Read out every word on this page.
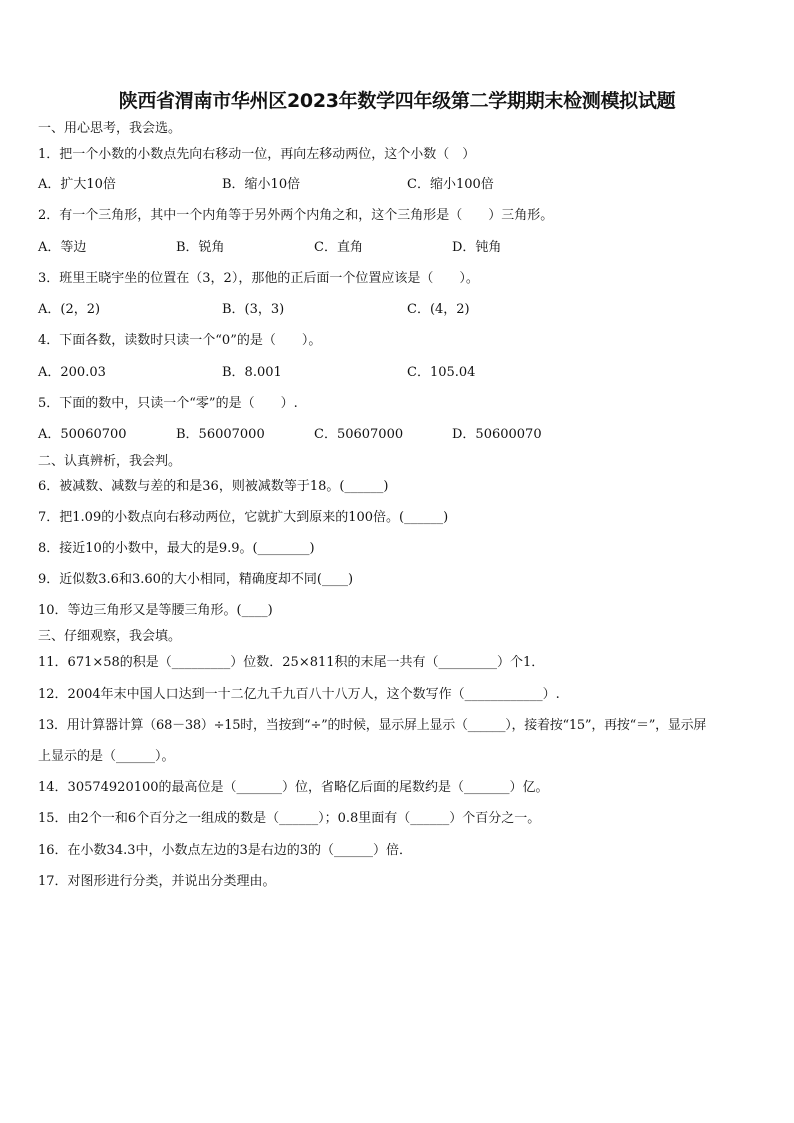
陕西省渭南市华州区2023年数学四年级第二学期期末检测模拟试题
一、用心思考，我会选。
1．把一个小数的小数点先向右移动一位，再向左移动两位，这个小数（　）
A．扩大10倍	B．缩小10倍	C．缩小100倍
2．有一个三角形，其中一个内角等于另外两个内角之和，这个三角形是（　　）三角形。
A．等边	B．锐角	C．直角	D．钝角
3．班里王晓宇坐的位置在（3，2），那他的正后面一个位置应该是（　　）。
A．(2，2)	B．(3，3)	C．(4，2)
4．下面各数，读数时只读一个“0”的是（　　）。
A．200.03	B．8.001	C．105.04
5．下面的数中，只读一个“零”的是（　　）.
A．50060700	B．56007000	C．50607000	D．50600070
二、认真辨析，我会判。
6．被减数、减数与差的和是36，则被减数等于18。(______)
7．把1.09的小数点向右移动两位，它就扩大到原来的100倍。(______)
8．接近10的小数中，最大的是9.9。(________)
9．近似数3.6和3.60的大小相同，精确度却不同(____)
10．等边三角形又是等腰三角形。(____)
三、仔细观察，我会填。
11．671×58的积是（_________）位数．25×811积的末尾一共有（_________）个1．
12．2004年末中国人口达到一十二亿九千九百八十八万人，这个数写作（____________）.
13．用计算器计算（68－38）÷15时，当按到“÷”的时候，显示屏上显示（______），接着按“15”，再按“＝”，显示屏
上显示的是（______）。
14．30574920100的最高位是（_______）位，省略亿后面的尾数约是（_______）亿。
15．由2个一和6个百分之一组成的数是（______）；0.8里面有（______）个百分之一。
16．在小数34.3中，小数点左边的3是右边的3的（______）倍．
17．对图形进行分类，并说出分类理由。
